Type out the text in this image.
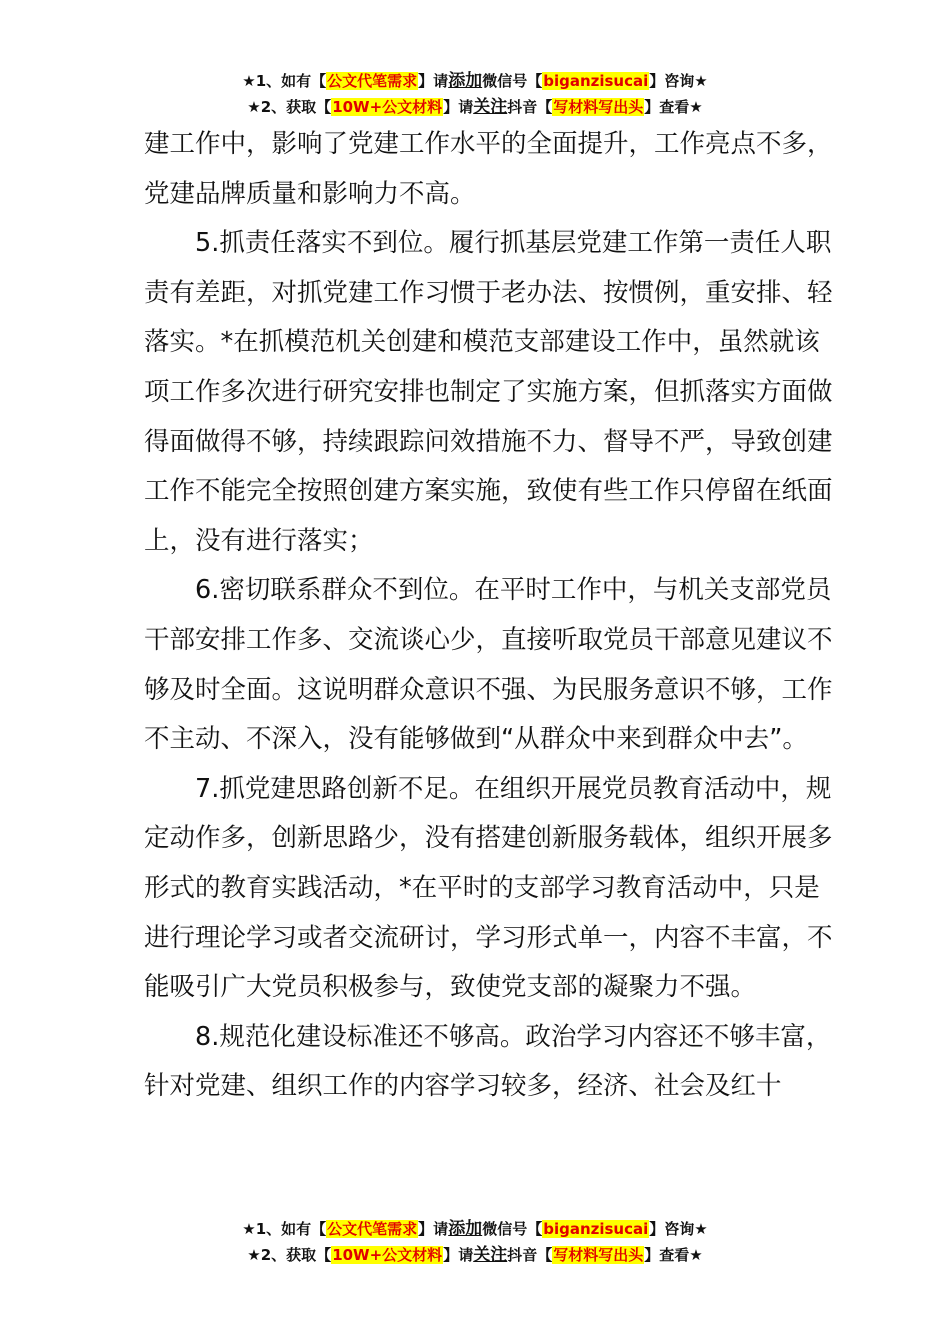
★1、如有【公文代笔需求】请添加微信号【biganzisucai】咨询★
★2、获取【10W+公文材料】请关注抖音【写材料写出头】查看★

建工作中，影响了党建工作水平的全面提升，工作亮点不多，党建品牌质量和影响力不高。

5.抓责任落实不到位。履行抓基层党建工作第一责任人职责有差距，对抓党建工作习惯于老办法、按惯例，重安排、轻落实。*在抓模范机关创建和模范支部建设工作中，虽然就该项工作多次进行研究安排也制定了实施方案，但抓落实方面做得面做得不够，持续跟踪问效措施不力、督导不严，导致创建工作不能完全按照创建方案实施，致使有些工作只停留在纸面上，没有进行落实；

6.密切联系群众不到位。在平时工作中，与机关支部党员干部安排工作多、交流谈心少，直接听取党员干部意见建议不够及时全面。这说明群众意识不强、为民服务意识不够，工作不主动、不深入，没有能够做到“从群众中来到群众中去”。

7.抓党建思路创新不足。在组织开展党员教育活动中，规定动作多，创新思路少，没有搭建创新服务载体，组织开展多形式的教育实践活动，*在平时的支部学习教育活动中，只是进行理论学习或者交流研讨，学习形式单一，内容不丰富，不能吸引广大党员积极参与，致使党支部的凝聚力不强。

8.规范化建设标准还不够高。政治学习内容还不够丰富，针对党建、组织工作的内容学习较多，经济、社会及红十

★1、如有【公文代笔需求】请添加微信号【biganzisucai】咨询★
★2、获取【10W+公文材料】请关注抖音【写材料写出头】查看★
